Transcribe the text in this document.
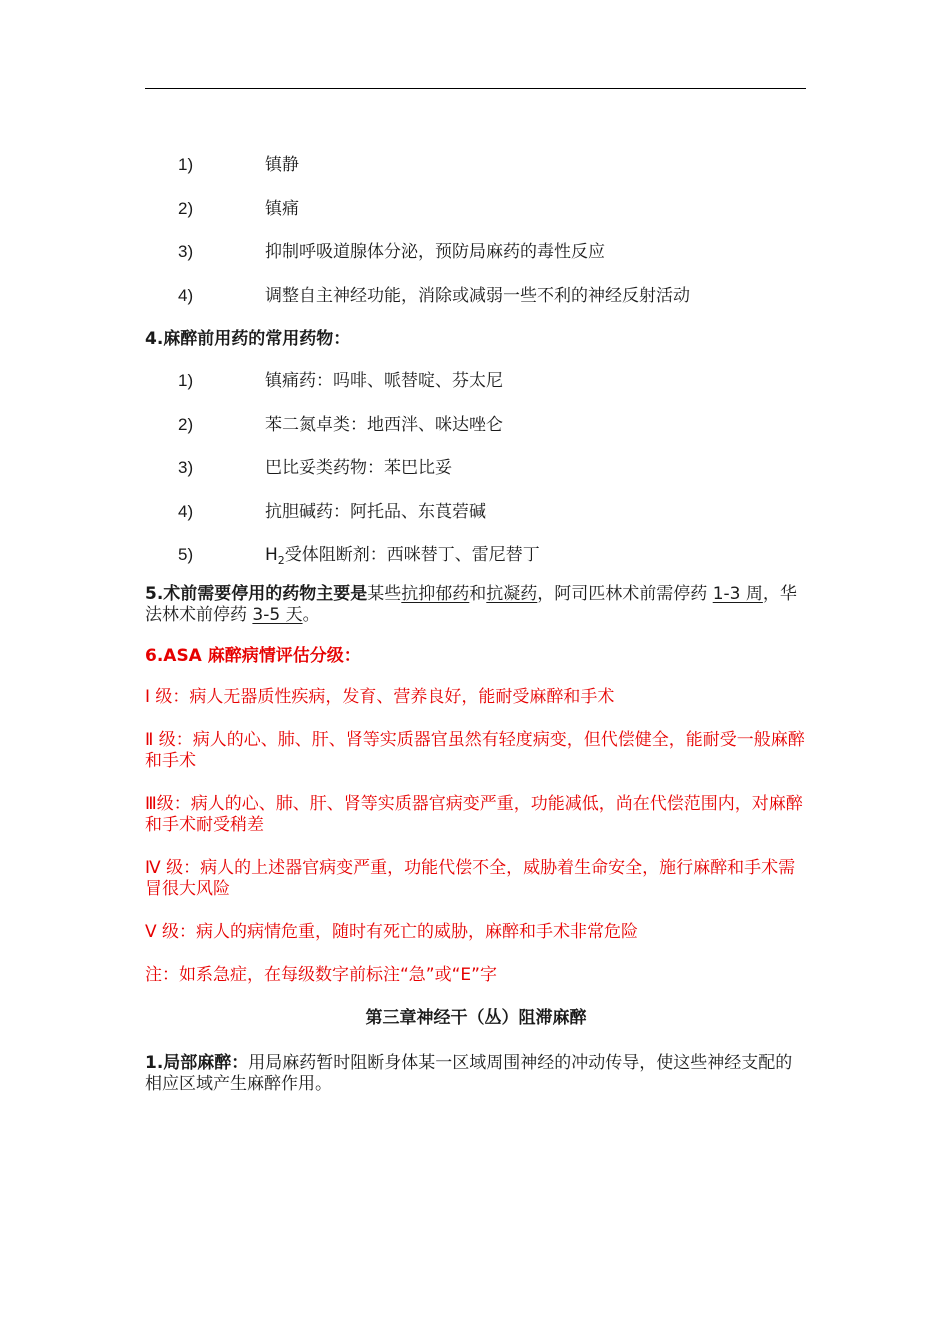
1)	镇静
2)	镇痛
3)	抑制呼吸道腺体分泌，预防局麻药的毒性反应
4)	调整自主神经功能，消除或减弱一些不利的神经反射活动
4.麻醉前用药的常用药物：
1)	镇痛药：吗啡、哌替啶、芬太尼
2)	苯二氮卓类：地西泮、咪达唑仑
3)	巴比妥类药物：苯巴比妥
4)	抗胆碱药：阿托品、东莨菪碱
5)	$H_2$受体阻断剂：西咪替丁、雷尼替丁

5.术前需要停用的药物主要是某些抗抑郁药和抗凝药，阿司匹林术前需停药 1-3 周，华法林术前停药 3-5 天。

6.ASA 麻醉病情评估分级：

Ⅰ 级：病人无器质性疾病，发育、营养良好，能耐受麻醉和手术

Ⅱ 级：病人的心、肺、肝、肾等实质器官虽然有轻度病变，但代偿健全，能耐受一般麻醉和手术

Ⅲ级：病人的心、肺、肝、肾等实质器官病变严重，功能减低，尚在代偿范围内，对麻醉和手术耐受稍差

Ⅳ 级：病人的上述器官病变严重，功能代偿不全，威胁着生命安全，施行麻醉和手术需冒很大风险

Ⅴ 级：病人的病情危重，随时有死亡的威胁，麻醉和手术非常危险

注：如系急症，在每级数字前标注“急”或“E”字

第三章神经干（丛）阻滞麻醉

1.局部麻醉：用局麻药暂时阻断身体某一区域周围神经的冲动传导，使这些神经支配的相应区域产生麻醉作用。
